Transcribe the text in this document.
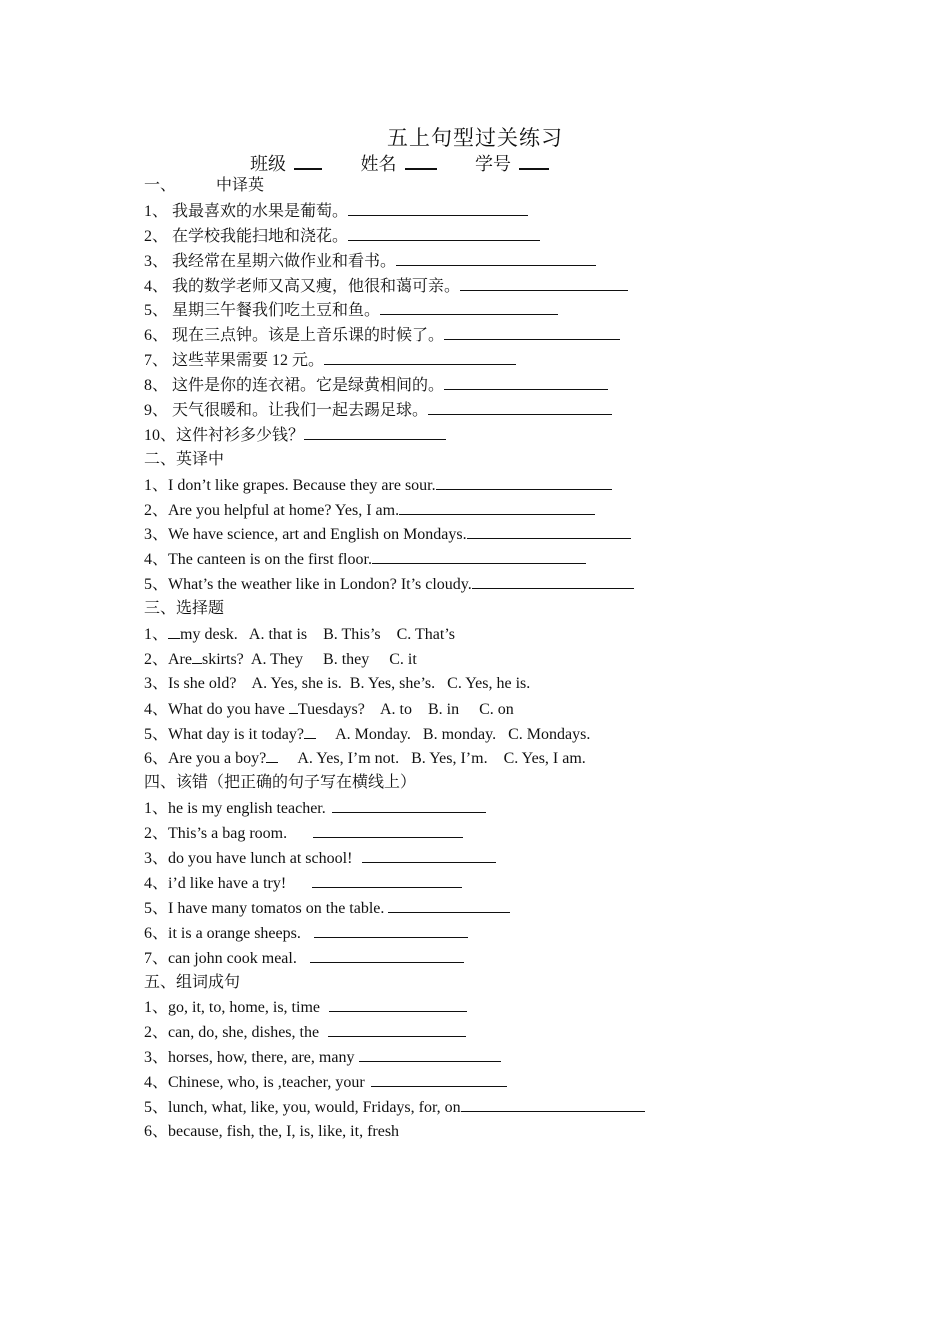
五上句型过关练习
班级	姓名	学号
一、	中译英
1、 我最喜欢的水果是葡萄。
2、 在学校我能扫地和浇花。
3、 我经常在星期六做作业和看书。
4、 我的数学老师又高又瘦，他很和蔼可亲。
5、 星期三午餐我们吃土豆和鱼。
6、 现在三点钟。该是上音乐课的时候了。
7、 这些苹果需要 12 元。
8、 这件是你的连衣裙。它是绿黄相间的。
9、 天气很暖和。让我们一起去踢足球。
10、这件衬衫多少钱？
二、英译中
1、I don’t like grapes. Because they are sour.
2、Are you helpful at home? Yes, I am.
3、We have science, art and English on Mondays.
4、The canteen is on the first floor.
5、What’s the weather like in London? It’s cloudy.
三、选择题
1、 my desk.   A. that is    B. This’s    C. That’s
2、Are skirts?  A. They     B. they     C. it
3、Is she old?    A. Yes, she is.  B. Yes, she’s.   C. Yes, he is.
4、What do you have Tuesdays?    A. to    B. in     C. on
5、What day is it today?     A. Monday.   B. monday.   C. Mondays.
6、Are you a boy?     A. Yes, I’m not.   B. Yes, I’m.    C. Yes, I am.
四、该错（把正确的句子写在横线上）
1、he is my english teacher.
2、This’s a bag room.
3、do you have lunch at school!
4、i’d like have a try!
5、I have many tomatos on the table.
6、it is a orange sheeps.
7、can john cook meal.
五、组词成句
1、go, it, to, home, is, time
2、can, do, she, dishes, the
3、horses, how, there, are, many
4、Chinese, who, is ,teacher, your
5、lunch, what, like, you, would, Fridays, for, on
6、because, fish, the, I, is, like, it, fresh
